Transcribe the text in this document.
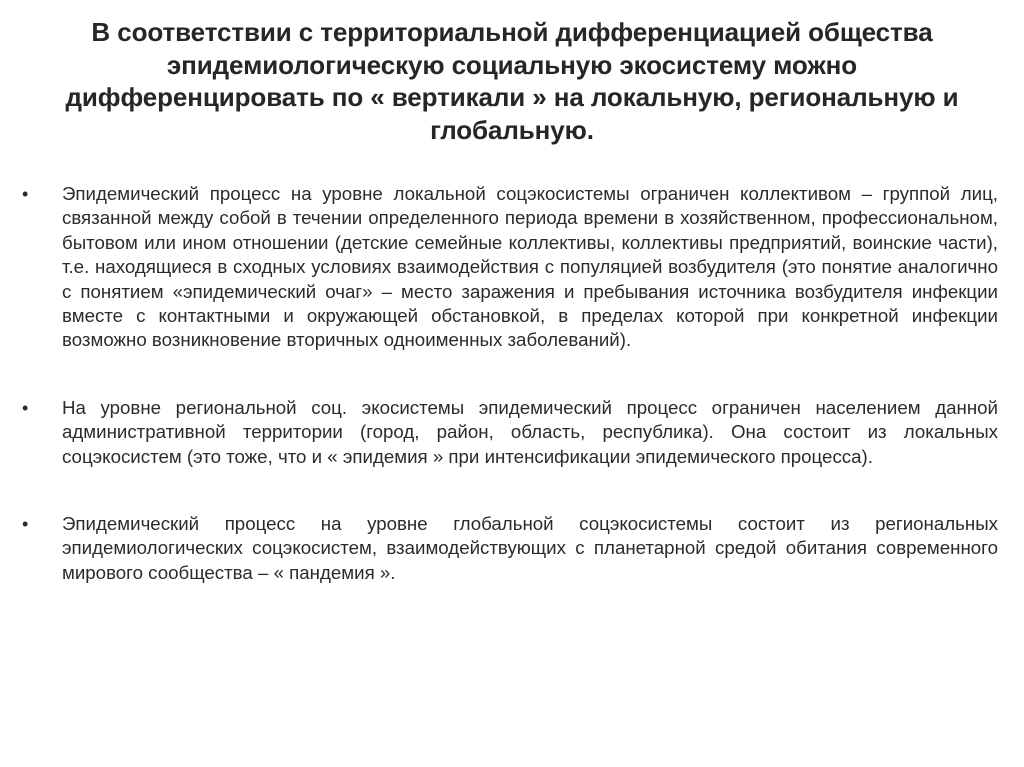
В соответствии с территориальной дифференциацией общества эпидемиологическую социальную экосистему можно дифференцировать по « вертикали » на локальную, региональную и глобальную.
•	Эпидемический процесс на уровне локальной соцэкосистемы ограничен коллективом – группой лиц, связанной между собой в течении определенного периода времени в хозяйственном, профессиональном, бытовом или ином отношении (детские семейные коллективы, коллективы предприятий, воинские части), т.е. находящиеся в сходных условиях взаимодействия с популяцией возбудителя (это понятие аналогично с понятием «эпидемический очаг» – место заражения и пребывания источника возбудителя инфекции вместе с контактными и окружающей обстановкой, в пределах которой при конкретной инфекции возможно возникновение вторичных одноименных заболеваний).
•	На уровне региональной соц. экосистемы эпидемический процесс ограничен населением данной административной территории (город, район, область, республика). Она состоит из локальных соцэкосистем (это тоже, что и « эпидемия » при интенсификации эпидемического процесса).
•	Эпидемический процесс на уровне глобальной соцэкосистемы состоит из региональных эпидемиологических соцэкосистем, взаимодействующих с планетарной средой обитания современного мирового сообщества – « пандемия ».
